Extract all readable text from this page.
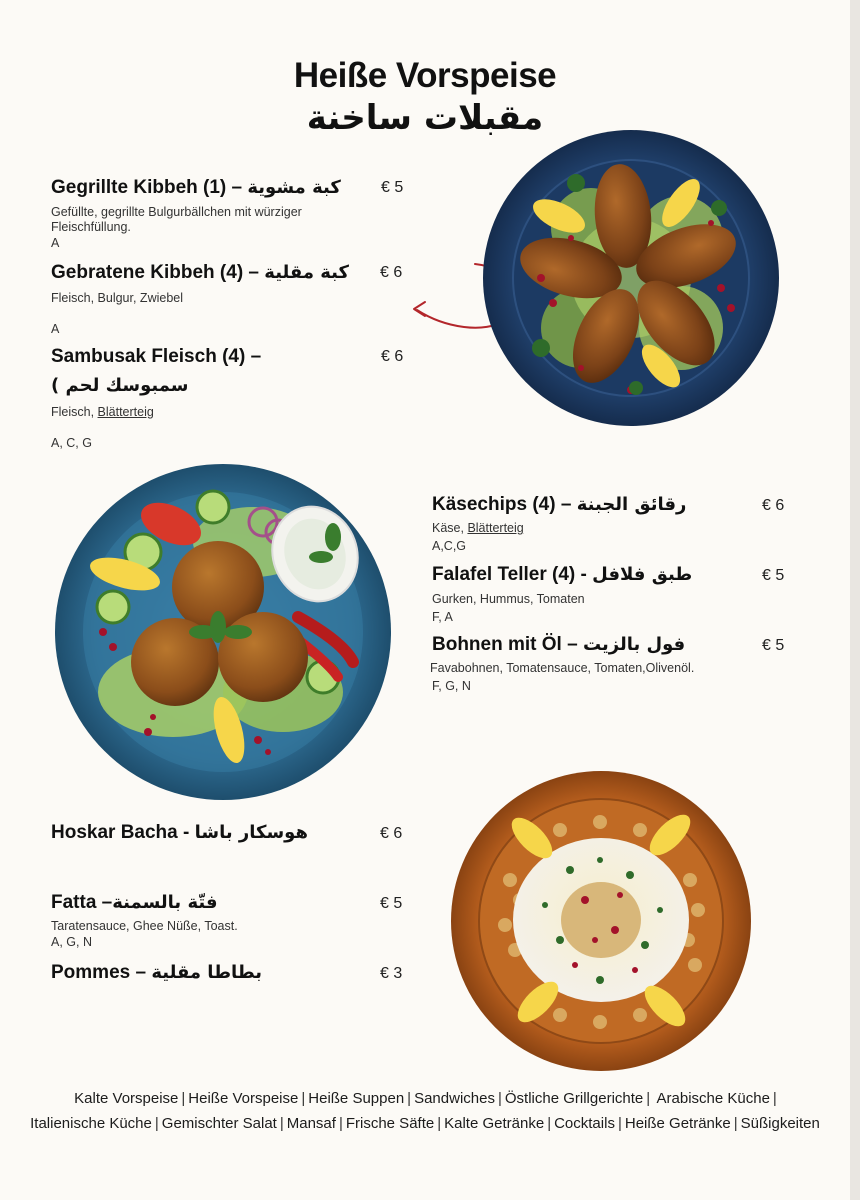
Heiße Vorspeise
مقبلات ساخنة
Gegrillte Kibbeh (1) – كبة مشوية	€ 5
Gefüllte, gegrillte Bulgurbällchen mit würziger Fleischfüllung.
A
Gebratene Kibbeh (4) – كبة مقلية	€ 6
Fleisch, Bulgur, Zwiebel
A
Sambusak Fleisch (4) –	€ 6
( سمبوسك لحم
Fleisch, Blätterteig
A, C, G
Käsechips (4) – رقائق الجبنة	€ 6
Käse, Blätterteig
A,C,G
Falafel Teller (4) - طبق فلافل	€ 5
Gurken, Hummus, Tomaten
F, A
Bohnen mit Öl – فول بالزيت	€ 5
Favabohnen, Tomatensauce, Tomaten,Olivenöl.
F, G, N
Hoskar Bacha - هوسكار باشا	€ 6
Fatta –فتّة بالسمنة	€ 5
Taratensauce, Ghee Nüße, Toast.
A, G, N
Pommes – بطاطا مقلية	€ 3
Kalte Vorspeise | Heiße Vorspeise | Heiße Suppen | Sandwiches | Östliche Grillgerichte | Arabische Küche |
Italienische Küche | Gemischter Salat | Mansaf | Frische Säfte | Kalte Getränke | Cocktails | Heiße Getränke | Süßigkeiten
